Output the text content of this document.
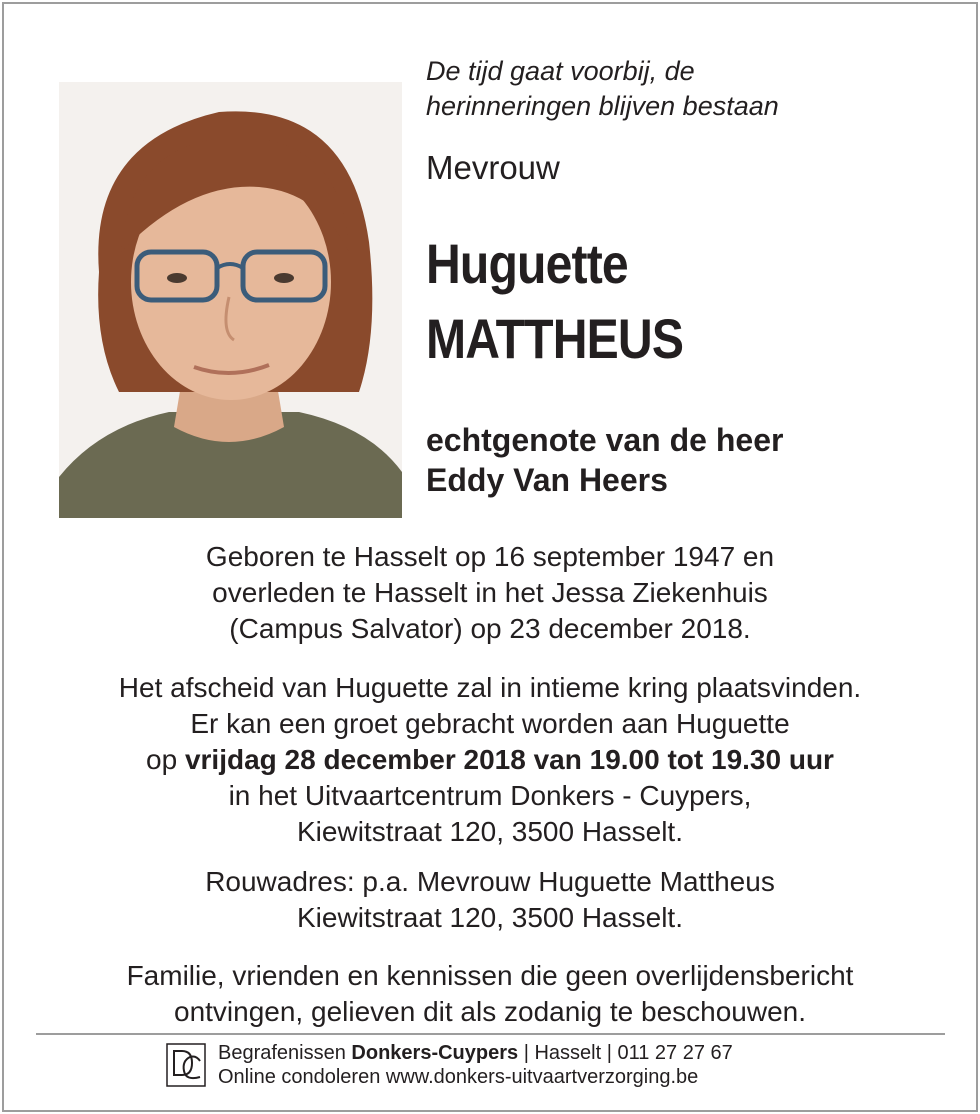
De tijd gaat voorbij, de
herinneringen blijven bestaan
Mevrouw
Huguette
MATTHEUS
echtgenote van de heer
Eddy Van Heers
Geboren te Hasselt op 16 september 1947 en
overleden te Hasselt in het Jessa Ziekenhuis
(Campus Salvator) op 23 december 2018.
Het afscheid van Huguette zal in intieme kring plaatsvinden.
Er kan een groet gebracht worden aan Huguette
op vrijdag 28 december 2018 van 19.00 tot 19.30 uur
in het Uitvaartcentrum Donkers - Cuypers,
Kiewitstraat 120, 3500 Hasselt.
Rouwadres: p.a. Mevrouw Huguette Mattheus
Kiewitstraat 120, 3500 Hasselt.
Familie, vrienden en kennissen die geen overlijdensbericht
ontvingen, gelieven dit als zodanig te beschouwen.
Begrafenissen Donkers-Cuypers | Hasselt | 011 27 27 67
Online condoleren www.donkers-uitvaartverzorging.be
